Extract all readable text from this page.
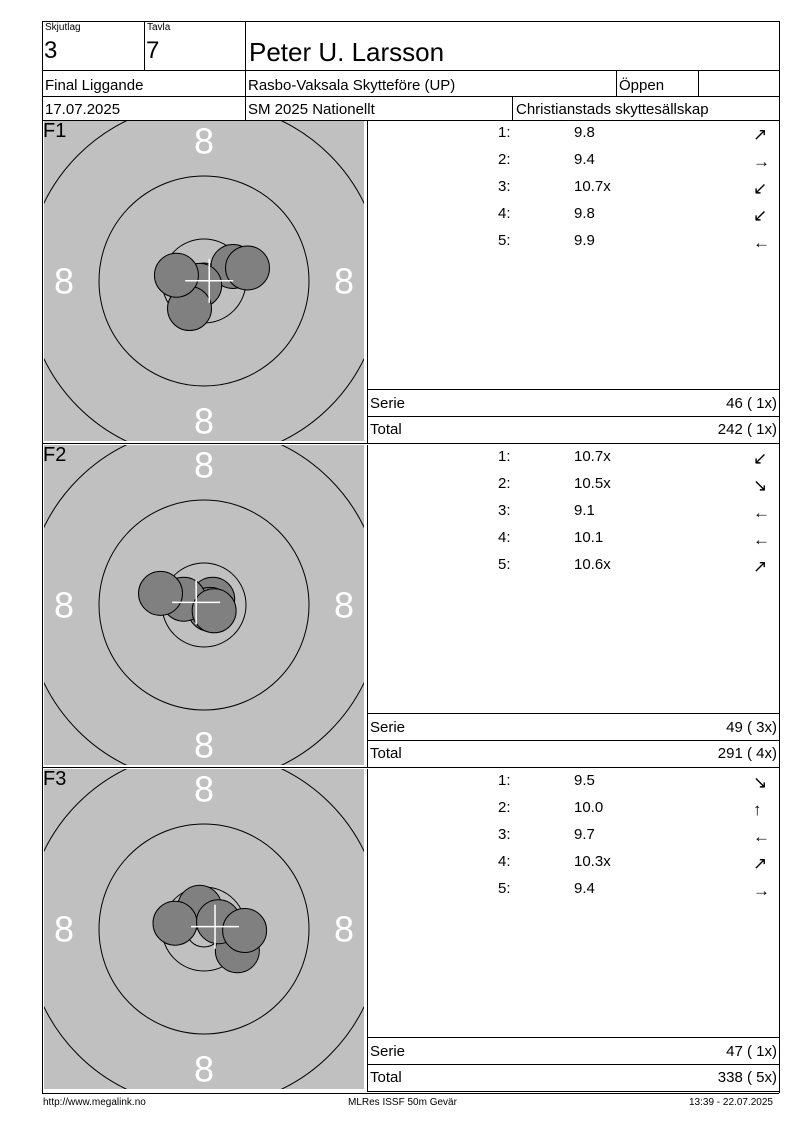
Skjutlag
3
Tavla
7	Peter U. Larsson
Final Liggande	Rasbo-Vaksala Skytteföre (UP)	Öppen
17.07.2025	SM 2025 Nationellt	Christianstads skyttesällskap
8
8
8	8
F1	1:	9.8	↗
2:	9.4	→
3:	10.7x	↙
4:	9.8	↙
5:	9.9	←
Serie	46 ( 1x)
Total	242 ( 1x)
8
8
8	8
F2	1:	10.7x	↙
2:	10.5x	↘
3:	9.1	←
4:	10.1	←
5:	10.6x	↗
Serie	49 ( 3x)
Total	291 ( 4x)
8
8
8	8
F3	1:	9.5	↘
2:	10.0	↑
3:	9.7	←
4:	10.3x	↗
5:	9.4	→
Serie	47 ( 1x)
Total	338 ( 5x)
http://www.megalink.no	MLRes ISSF 50m Gevär	13:39 - 22.07.2025
